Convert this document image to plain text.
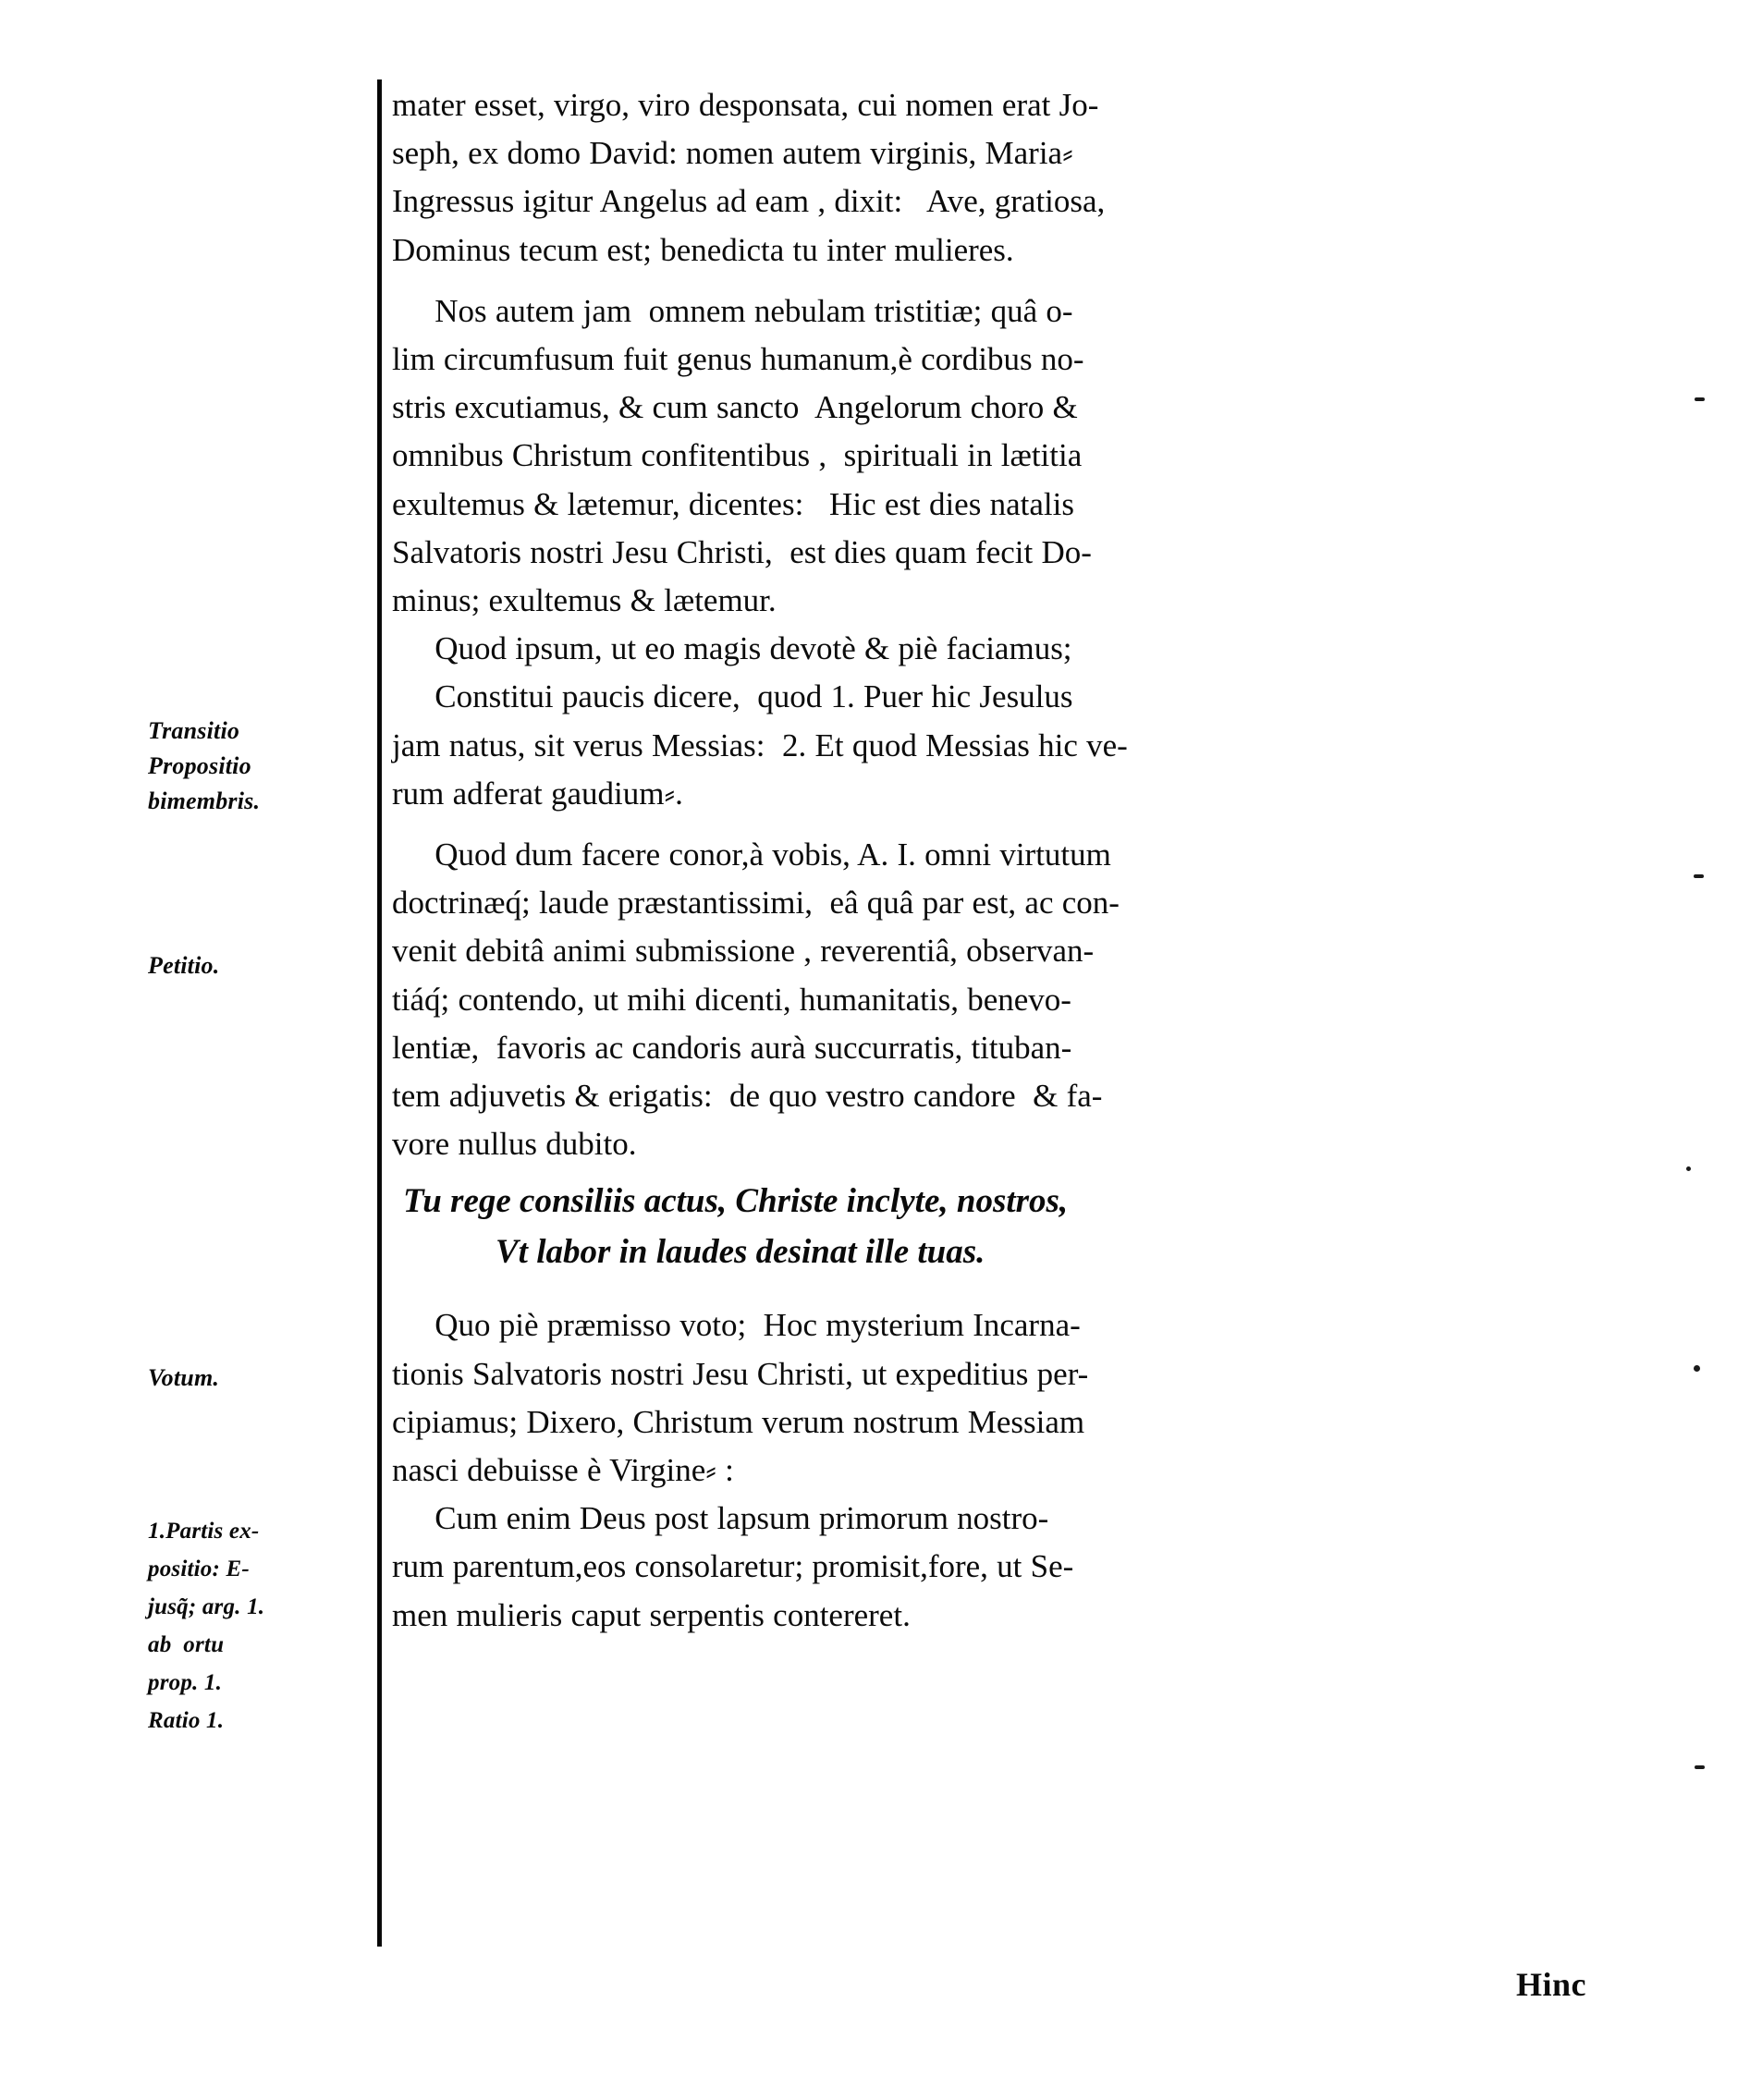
Transitio
Propositio
bimembris.
Petitio.
Votum.
1.Partis ex-
positio: E-
jusq̃; arg. 1.
ab  ortu
prop. 1.
Ratio 1.

mater esset, virgo, viro desponsata, cui nomen erat Jo-
seph, ex domo David: nomen autem virginis, Maria⸗
Ingressus igitur Angelus ad eam , dixit:   Ave, gratiosa,
Dominus tecum est; benedicta tu inter mulieres.

Nos autem jam  omnem nebulam tristitiæ; quâ o-
lim circumfusum fuit genus humanum,è cordibus no-
stris excutiamus, & cum sancto  Angelorum choro &
omnibus Christum confitentibus ,  spirituali in lætitia
exultemus & lætemur, dicentes:   Hic est dies natalis
Salvatoris nostri Jesu Christi,  est dies quam fecit Do-
minus; exultemus & lætemur.

Quod ipsum, ut eo magis devotè & piè faciamus;

Constitui paucis dicere,  quod 1. Puer hic Jesulus
jam natus, sit verus Messias:  2. Et quod Messias hic ve-
rum adferat gaudium⸗.

Quod dum facere conor,à vobis, A. I. omni virtutum
doctrinæq́; laude præstantissimi,  eâ quâ par est, ac con-
venit debitâ animi submissione , reverentiâ, observan-
tiáq́; contendo, ut mihi dicenti, humanitatis, benevo-
lentiæ,  favoris ac candoris aurà succurratis, tituban-
tem adjuvetis & erigatis:  de quo vestro candore  & fa-
vore nullus dubito.

Tu rege consiliis actus, Christe inclyte, nostros,
Vt labor in laudes desinat ille tuas.

Quo piè præmisso voto;  Hoc mysterium Incarna-
tionis Salvatoris nostri Jesu Christi, ut expeditius per-
cipiamus; Dixero, Christum verum nostrum Messiam
nasci debuisse è Virgine⸗ :

Cum enim Deus post lapsum primorum nostro-
rum parentum,eos consolaretur; promisit,fore, ut Se-
men mulieris caput serpentis contereret.

Hinc
